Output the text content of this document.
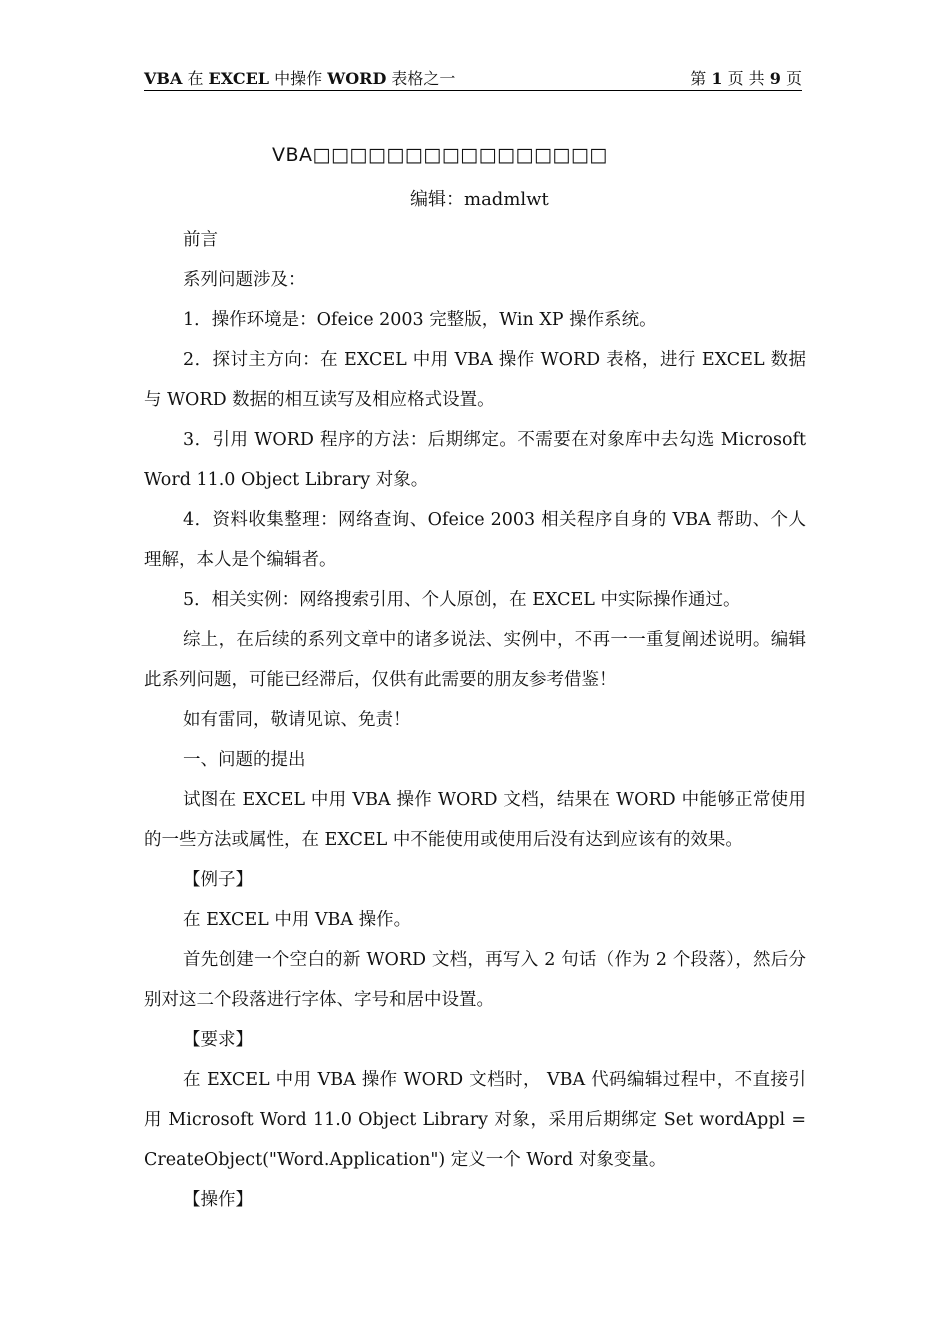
VBA 在 EXCEL 中操作 WORD 表格之一	第 1 页 共 9 页
VBA□□□□□□□□□□□□□□□□
编辑：madmlwt

前言

系列问题涉及：

1．操作环境是：Ofeice 2003 完整版，Win XP 操作系统。

2．探讨主方向：在 EXCEL 中用 VBA 操作 WORD 表格，进行 EXCEL 数据与 WORD 数据的相互读写及相应格式设置。

3．引用 WORD 程序的方法：后期绑定。不需要在对象库中去勾选 Microsoft Word 11.0 Object Library 对象。

4．资料收集整理：网络查询、Ofeice 2003 相关程序自身的 VBA 帮助、个人理解，本人是个编辑者。

5．相关实例：网络搜索引用、个人原创，在 EXCEL 中实际操作通过。

综上，在后续的系列文章中的诸多说法、实例中，不再一一重复阐述说明。编辑此系列问题，可能已经滞后，仅供有此需要的朋友参考借鉴！

如有雷同，敬请见谅、免责！

一、问题的提出

试图在 EXCEL 中用 VBA 操作 WORD 文档，结果在 WORD 中能够正常使用的一些方法或属性，在 EXCEL 中不能使用或使用后没有达到应该有的效果。

【例子】

在 EXCEL 中用 VBA 操作。

首先创建一个空白的新 WORD 文档，再写入 2 句话（作为 2 个段落），然后分别对这二个段落进行字体、字号和居中设置。

【要求】

在 EXCEL 中用 VBA 操作 WORD 文档时， VBA 代码编辑过程中，不直接引用 Microsoft Word 11.0 Object Library 对象，采用后期绑定 Set wordAppl = CreateObject("Word.Application") 定义一个 Word 对象变量。

【操作】
